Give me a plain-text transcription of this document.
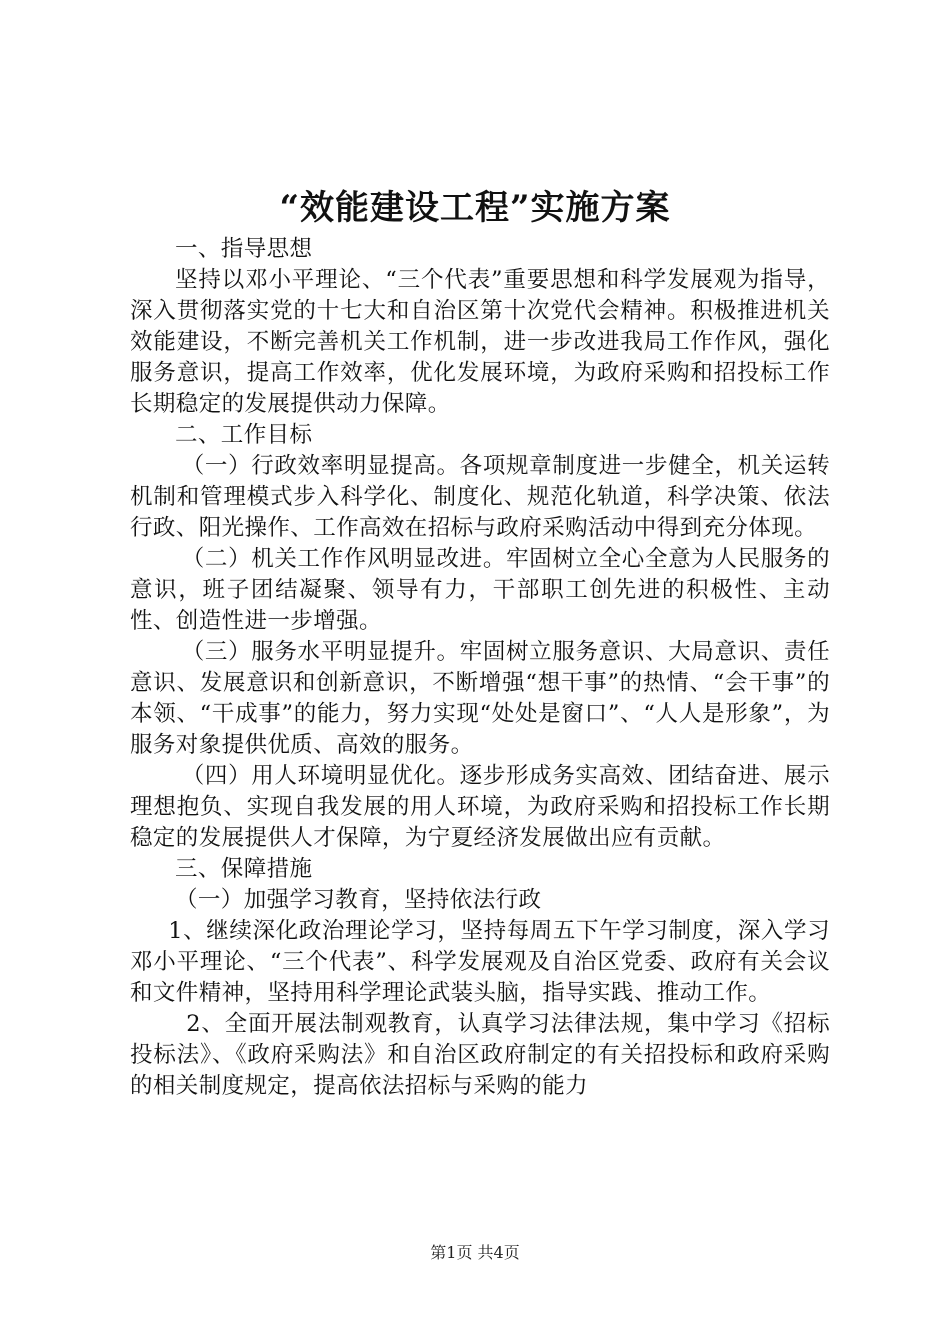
“效能建设工程”实施方案

一、指导思想

坚持以邓小平理论、“三个代表”重要思想和科学发展观为指导，深入贯彻落实党的十七大和自治区第十次党代会精神。积极推进机关效能建设，不断完善机关工作机制，进一步改进我局工作作风，强化服务意识，提高工作效率，优化发展环境，为政府采购和招投标工作长期稳定的发展提供动力保障。

二、工作目标

（一）行政效率明显提高。各项规章制度进一步健全，机关运转机制和管理模式步入科学化、制度化、规范化轨道，科学决策、依法行政、阳光操作、工作高效在招标与政府采购活动中得到充分体现。

（二）机关工作作风明显改进。牢固树立全心全意为人民服务的意识，班子团结凝聚、领导有力，干部职工创先进的积极性、主动性、创造性进一步增强。

（三）服务水平明显提升。牢固树立服务意识、大局意识、责任意识、发展意识和创新意识，不断增强“想干事”的热情、“会干事”的本领、“干成事”的能力，努力实现“处处是窗口”、“人人是形象”，为服务对象提供优质、高效的服务。

（四）用人环境明显优化。逐步形成务实高效、团结奋进、展示理想抱负、实现自我发展的用人环境，为政府采购和招投标工作长期稳定的发展提供人才保障，为宁夏经济发展做出应有贡献。

三、保障措施

（一）加强学习教育，坚持依法行政

1、继续深化政治理论学习，坚持每周五下午学习制度，深入学习邓小平理论、“三个代表”、科学发展观及自治区党委、政府有关会议和文件精神，坚持用科学理论武装头脑，指导实践、推动工作。

2、全面开展法制观教育，认真学习法律法规，集中学习《招标投标法》、《政府采购法》和自治区政府制定的有关招投标和政府采购的相关制度规定，提高依法招标与采购的能力

第1页 共4页
